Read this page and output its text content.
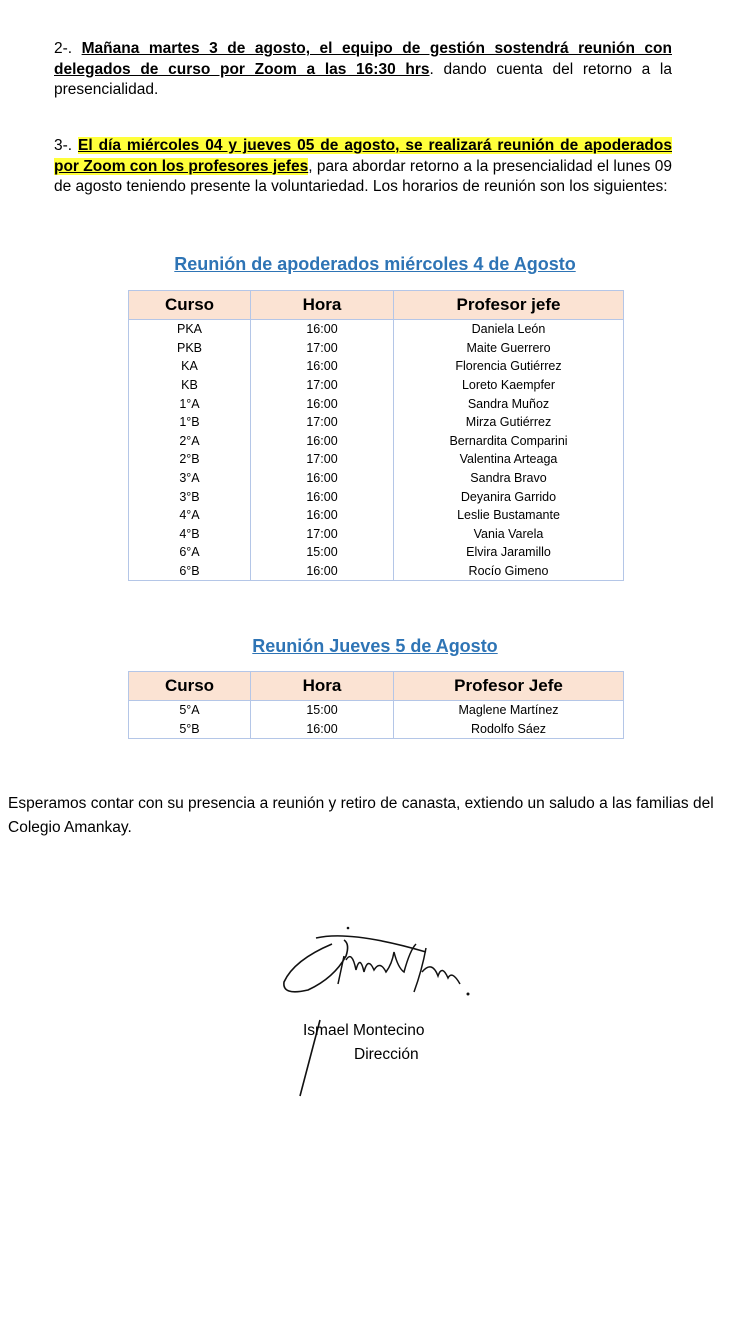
2-. Mañana martes 3 de agosto, el equipo de gestión sostendrá reunión con delegados de curso por Zoom a las 16:30 hrs. dando cuenta del retorno a la presencialidad.

3-. El día miércoles 04 y jueves 05 de agosto, se realizará reunión de apoderados por Zoom con los profesores jefes, para abordar retorno a la presencialidad el lunes 09 de agosto teniendo presente la voluntariedad. Los horarios de reunión son los siguientes:

Reunión de apoderados miércoles 4 de Agosto

Curso	Hora	Profesor jefe
PKA	16:00	Daniela León
PKB	17:00	Maite Guerrero
KA	16:00	Florencia Gutiérrez
KB	17:00	Loreto Kaempfer
1°A	16:00	Sandra Muñoz
1°B	17:00	Mirza Gutiérrez
2°A	16:00	Bernardita Comparini
2°B	17:00	Valentina Arteaga
3°A	16:00	Sandra Bravo
3°B	16:00	Deyanira Garrido
4°A	16:00	Leslie Bustamante
4°B	17:00	Vania Varela
6°A	15:00	Elvira Jaramillo
6°B	16:00	Rocío Gimeno

Reunión Jueves 5 de Agosto

Curso	Hora	Profesor Jefe
5°A	15:00	Maglene Martínez
5°B	16:00	Rodolfo Sáez

Esperamos contar con su presencia a reunión y retiro de canasta, extiendo un saludo a las familias del Colegio Amankay.

Ismael Montecino
Dirección
